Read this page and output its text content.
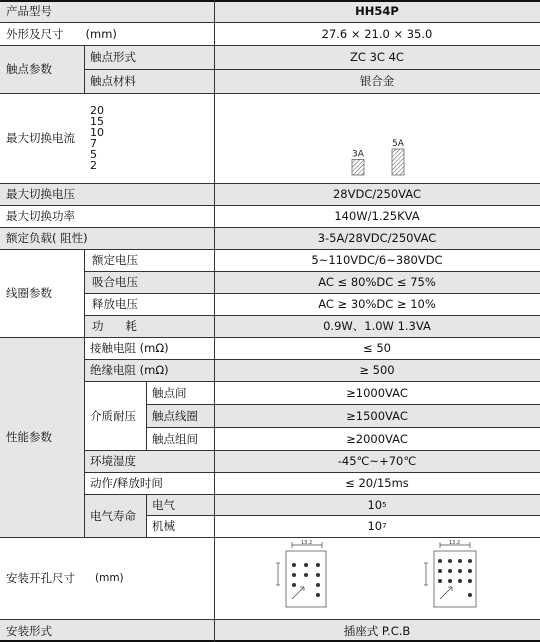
产品型号	HH54P
外形及尺寸 (mm)	27.6 × 21.0 × 35.0
触点参数
触点形式	ZC 3C 4C
触点材料	银合金
最大切换电流
20
15
10
7
5
2
3A
5A
最大切换电压	28VDC/250VAC
最大切换功率	140W/1.25KVA
额定负载( 阻性)	3-5A/28VDC/250VAC
线圈参数
额定电压	5~110VDC/6~380VDC
吸合电压	AC ≤ 80%DC ≤ 75%
释放电压	AC ≥ 30%DC ≥ 10%
功      耗	0.9W、1.0W 1.3VA
性能参数
接触电阻 (mΩ)	≤ 50
绝缘电阻 (mΩ)	≥ 500
介质耐压
触点间	≥1000VAC
触点线圈	≥1500VAC
触点组间	≥2000VAC
环境湿度	-45℃~+70℃
动作/释放时间	≤ 20/15ms
电气寿命
电气	10 5
机械	10 7
安装开孔尺寸 (mm)
13.2	13.2
安装形式	插座式 P.C.B
